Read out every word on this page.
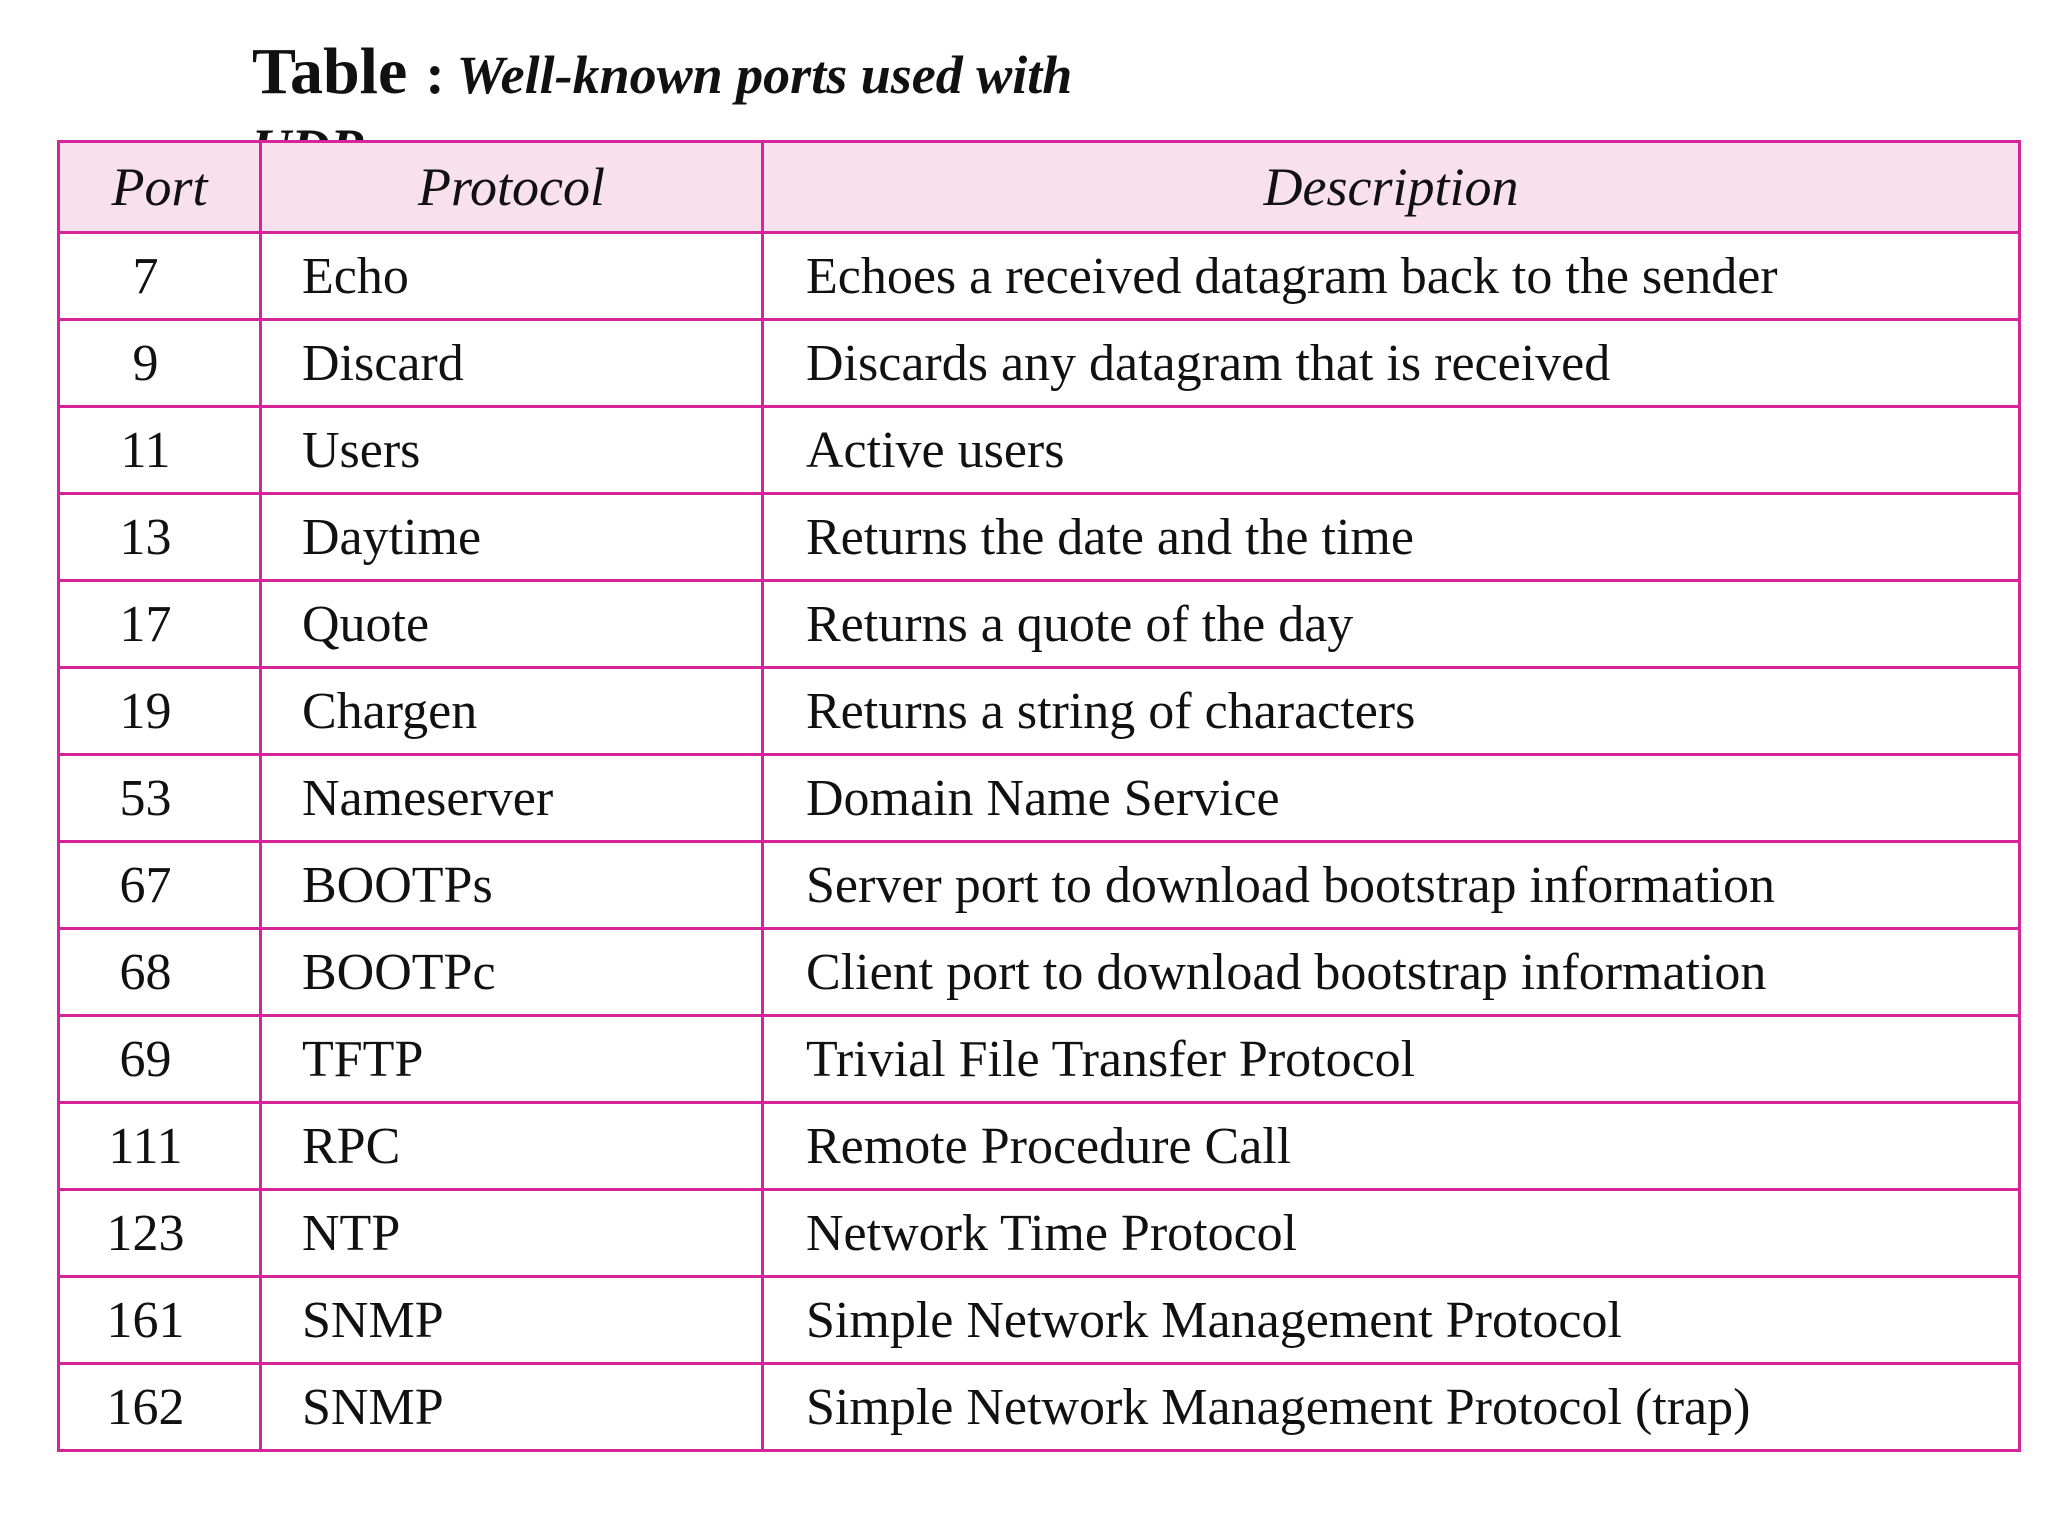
Table : Well-known ports used with
Port	Protocol	Description
7	Echo	Echoes a received datagram back to the sender
9	Discard	Discards any datagram that is received
11	Users	Active users
13	Daytime	Returns the date and the time
17	Quote	Returns a quote of the day
19	Chargen	Returns a string of characters
53	Nameserver	Domain Name Service
67	BOOTPs	Server port to download bootstrap information
68	BOOTPc	Client port to download bootstrap information
69	TFTP	Trivial File Transfer Protocol
111	RPC	Remote Procedure Call
123	NTP	Network Time Protocol
161	SNMP	Simple Network Management Protocol
162	SNMP	Simple Network Management Protocol (trap)
